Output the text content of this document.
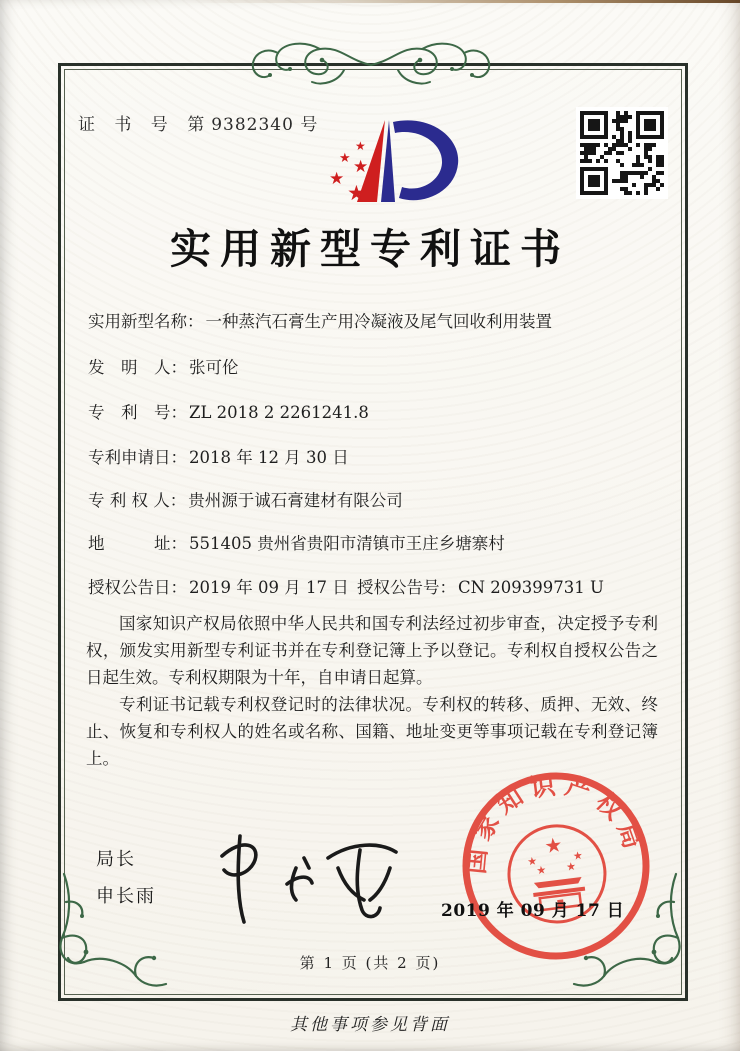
证 书 号 第9382340 号
★
★ ★
★
★
实用新型专利证书
实用新型名称： 一种蒸汽石膏生产用冷凝液及尾气回收利用装置
发　明　人： 张可伦
专　利　号： ZL 2018 2 2261241.8
专利申请日： 2018 年 12 月 30 日
专 利 权 人： 贵州源于诚石膏建材有限公司
地　　　址： 551405 贵州省贵阳市清镇市王庄乡塘寨村
授权公告日： 2019 年 09 月 17 日 授权公告号： CN 209399731 U

国家知识产权局依照中华人民共和国专利法经过初步审查，决定授予专利权，颁发实用新型专利证书并在专利登记簿上予以登记。专利权自授权公告之日起生效。专利权期限为十年，自申请日起算。

专利证书记载专利权登记时的法律状况。专利权的转移、质押、无效、终止、恢复和专利权人的姓名或名称、国籍、地址变更等事项记载在专利登记簿上。

局长
申长雨
国家知识产权局
★
★	★
★ ★
2019 年 09 月 17 日
第 1 页 (共 2 页)
其他事项参见背面
